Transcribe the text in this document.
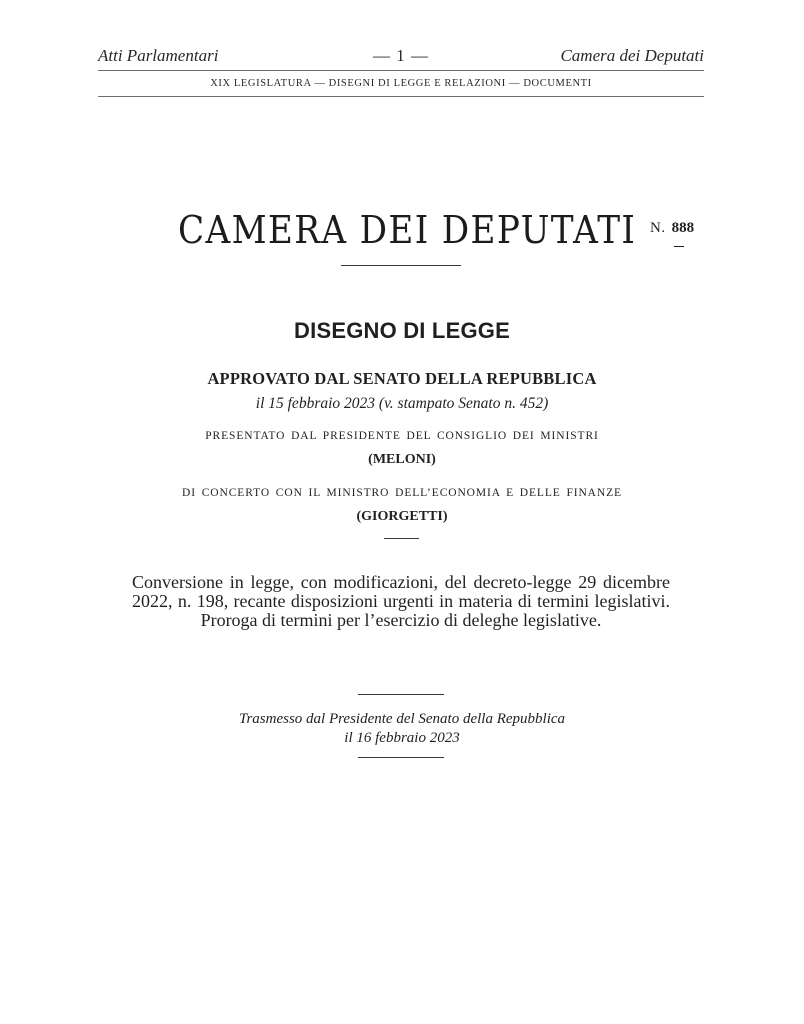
Atti Parlamentari	— 1 —	Camera dei Deputati
XIX LEGISLATURA — DISEGNI DI LEGGE E RELAZIONI — DOCUMENTI
CAMERA DEI DEPUTATI N. 888
DISEGNO DI LEGGE
APPROVATO DAL SENATO DELLA REPUBBLICA
il 15 febbraio 2023 (v. stampato Senato n. 452)
PRESENTATO DAL PRESIDENTE DEL CONSIGLIO DEI MINISTRI
(MELONI)
DI CONCERTO CON IL MINISTRO DELL’ECONOMIA E DELLE FINANZE
(GIORGETTI)
Conversione in legge, con modificazioni, del decreto-legge 29 dicembre 2022, n. 198, recante disposizioni urgenti in materia di termini legislativi. Proroga di termini per l’esercizio di deleghe legislative.
Trasmesso dal Presidente del Senato della Repubblica
il 16 febbraio 2023
